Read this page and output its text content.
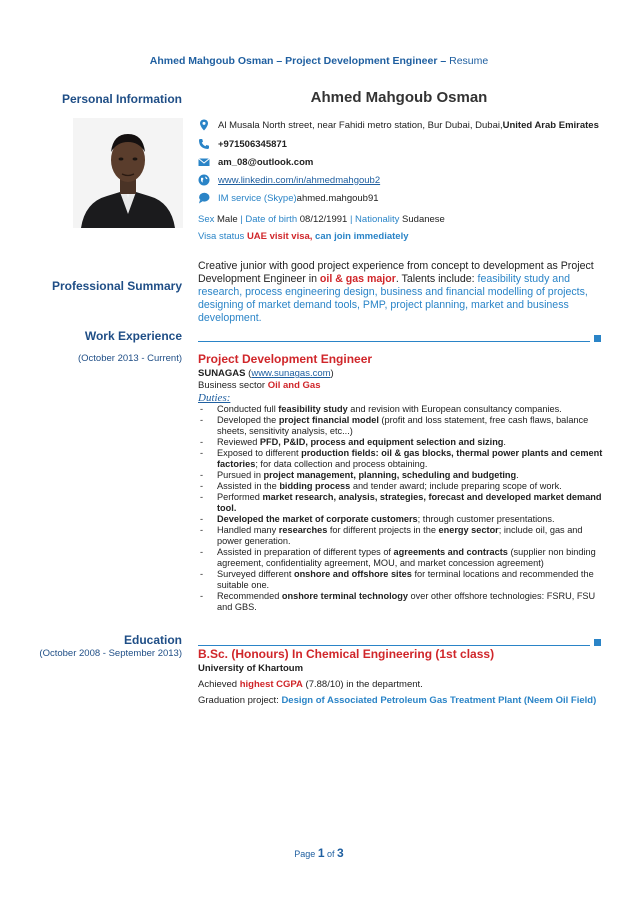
Ahmed Mahgoub Osman – Project Development Engineer – Resume
Personal Information
Professional Summary
Work Experience
(October 2013 - Current)
Education
(October 2008 - September 2013)
Ahmed Mahgoub Osman
Al Musala North street, near Fahidi metro station, Bur Dubai, Dubai, United Arab Emirates
+971506345871
am_08@outlook.com
www.linkedin.com/in/ahmedmahgoub2
IM service (Skype) ahmed.mahgoub91
Sex Male | Date of birth 08/12/1991 | Nationality Sudanese
Visa status UAE visit visa, can join immediately
Creative junior with good project experience from concept to development as Project Development Engineer in oil & gas major. Talents include: feasibility study and research, process engineering design, business and financial modelling of projects, designing of market demand tools, PMP, project planning, market and business development.
Project Development Engineer
SUNAGAS (www.sunagas.com)
Business sector Oil and Gas
Duties:
- Conducted full feasibility study and revision with European consultancy companies.
- Developed the project financial model (profit and loss statement, free cash flaws, balance sheets, sensitivity analysis, etc...)
- Reviewed PFD, P&ID, process and equipment selection and sizing.
- Exposed to different production fields: oil & gas blocks, thermal power plants and cement factories; for data collection and process obtaining.
- Pursued in project management, planning, scheduling and budgeting.
- Assisted in the bidding process and tender award; include preparing scope of work.
- Performed market research, analysis, strategies, forecast and developed market demand tool.
- Developed the market of corporate customers; through customer presentations.
- Handled many researches for different projects in the energy sector; include oil, gas and power generation.
- Assisted in preparation of different types of agreements and contracts (supplier non binding agreement, confidentiality agreement, MOU, and market concession agreement)
- Surveyed different onshore and offshore sites for terminal locations and recommended the suitable one.
- Recommended onshore terminal technology over other offshore technologies: FSRU, FSU and GBS.
B.Sc. (Honours) In Chemical Engineering (1st class)
University of Khartoum
Achieved highest CGPA (7.88/10) in the department.
Graduation project: Design of Associated Petroleum Gas Treatment Plant (Neem Oil Field)
Page 1 of 3
